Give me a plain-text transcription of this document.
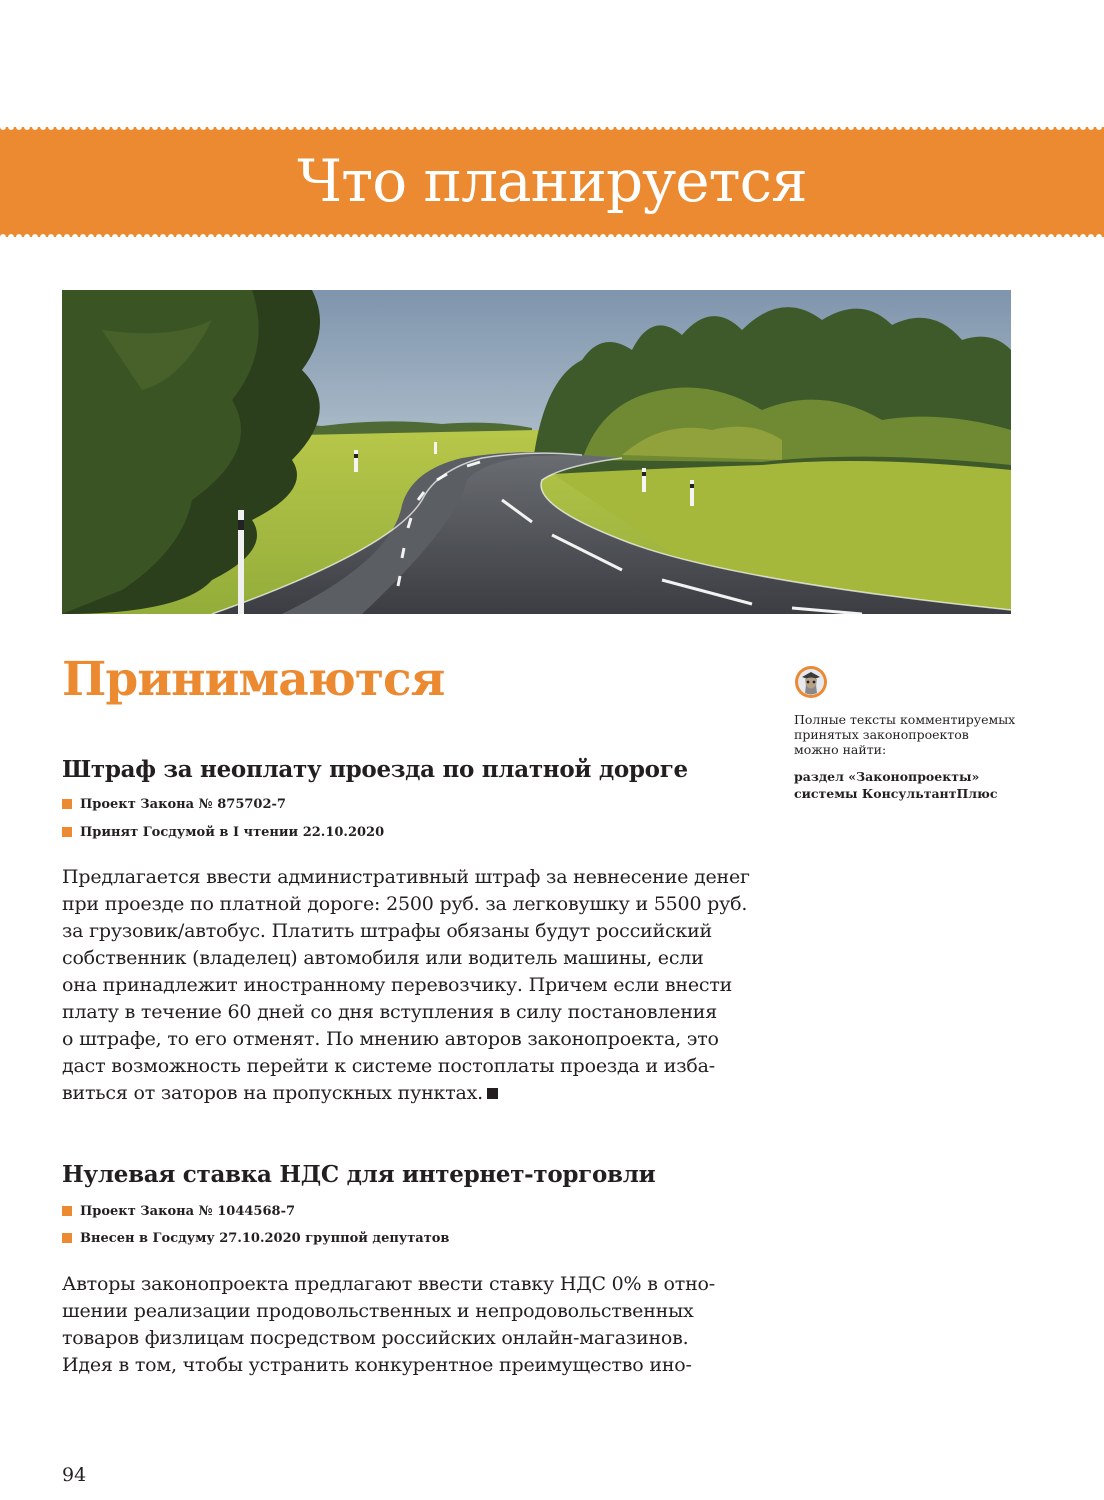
Что планируется
Принимаются
Полные тексты комментируемых
принятых законопроектов
можно найти:
раздел «Законопроекты»
системы КонсультантПлюс
Штраф за неоплату проезда по платной дороге
Проект Закона № 875702-7
Принят Госдумой в I чтении 22.10.2020
Предлагается ввести административный штраф за невнесение денег
при проезде по платной дороге: 2500 руб. за легковушку и 5500 руб.
за грузовик/автобус. Платить штрафы обязаны будут российский
собственник (владелец) автомобиля или водитель машины, если
она принадлежит иностранному перевозчику. Причем если внести
плату в течение 60 дней со дня вступления в силу постановления
о штрафе, то его отменят. По мнению авторов законопроекта, это
даст возможность перейти к системе постоплаты проезда и изба-
виться от заторов на пропускных пунктах.
Нулевая ставка НДС для интернет-торговли
Проект Закона № 1044568-7
Внесен в Госдуму 27.10.2020 группой депутатов
Авторы законопроекта предлагают ввести ставку НДС 0% в отно-
шении реализации продовольственных и непродовольственных
товаров физлицам посредством российских онлайн-магазинов.
Идея в том, чтобы устранить конкурентное преимущество ино-
94
